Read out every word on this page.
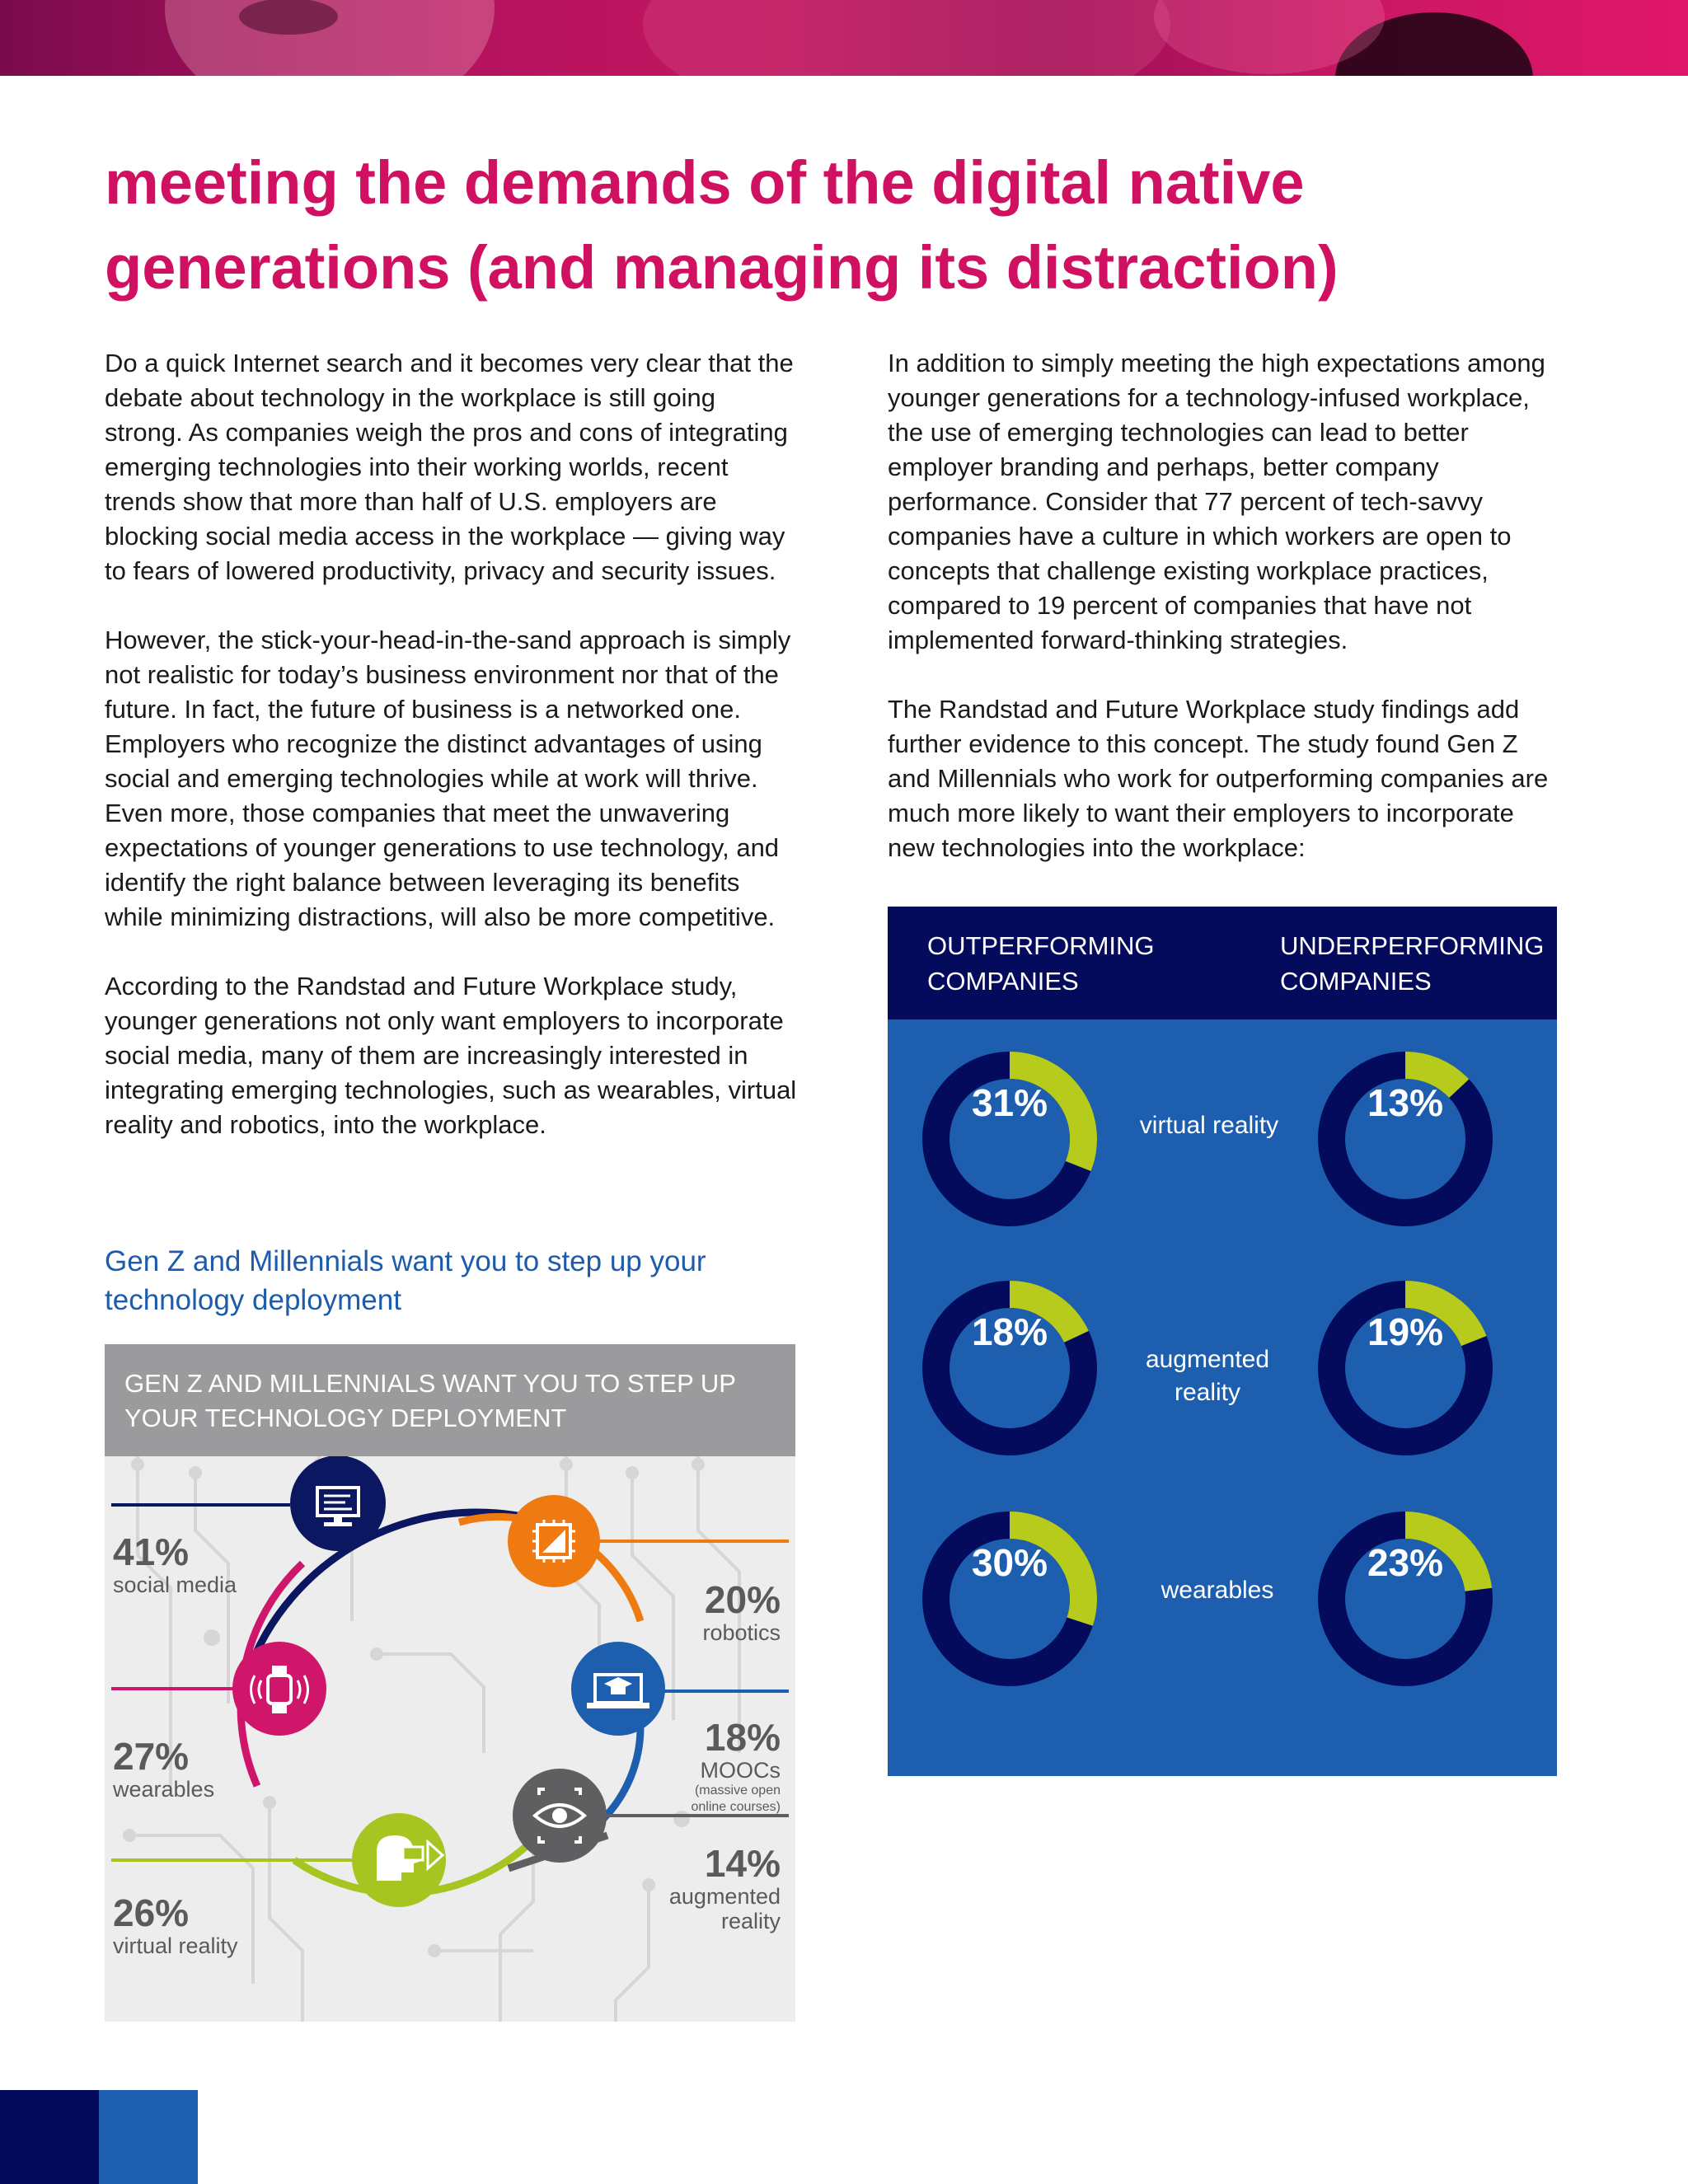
meeting the demands of the digital native generations (and managing its distraction)

Do a quick Internet search and it becomes very clear that the debate about technology in the workplace is still going strong. As companies weigh the pros and cons of integrating emerging technologies into their working worlds, recent trends show that more than half of U.S. employers are blocking social media access in the workplace — giving way to fears of lowered productivity, privacy and security issues.

However, the stick-your-head-in-the-sand approach is simply not realistic for today’s business environment nor that of the future. In fact, the future of business is a networked one. Employers who recognize the distinct advantages of using social and emerging technologies while at work will thrive. Even more, those companies that meet the unwavering expectations of younger generations to use technology, and identify the right balance between leveraging its benefits while minimizing distractions, will also be more competitive.

According to the Randstad and Future Workplace study, younger generations not only want employers to incorporate social media, many of them are increasingly interested in integrating emerging technologies, such as wearables, virtual reality and robotics, into the workplace.

In addition to simply meeting the high expectations among younger generations for a technology-infused workplace, the use of emerging technologies can lead to better employer branding and perhaps, better company performance. Consider that 77 percent of tech-savvy companies have a culture in which workers are open to concepts that challenge existing workplace practices, compared to 19 percent of companies that have not implemented forward-thinking strategies.

The Randstad and Future Workplace study findings add further evidence to this concept. The study found Gen Z and Millennials who work for outperforming companies are much more likely to want their employers to incorporate new technologies into the workplace:

Gen Z and Millennials want you to step up your technology deployment
GEN Z AND MILLENNIALS WANT YOU TO STEP UP YOUR TECHNOLOGY DEPLOYMENT
41%
social media	20%
robotics
27%
wearables
18%
MOOCs
(massive open online courses)
14%
augmented reality
26%
virtual reality
OUTPERFORMING COMPANIES
UNDERPERFORMING COMPANIES
31%
18%
30%
13%
19%
23%
virtual reality
augmented reality
wearables
